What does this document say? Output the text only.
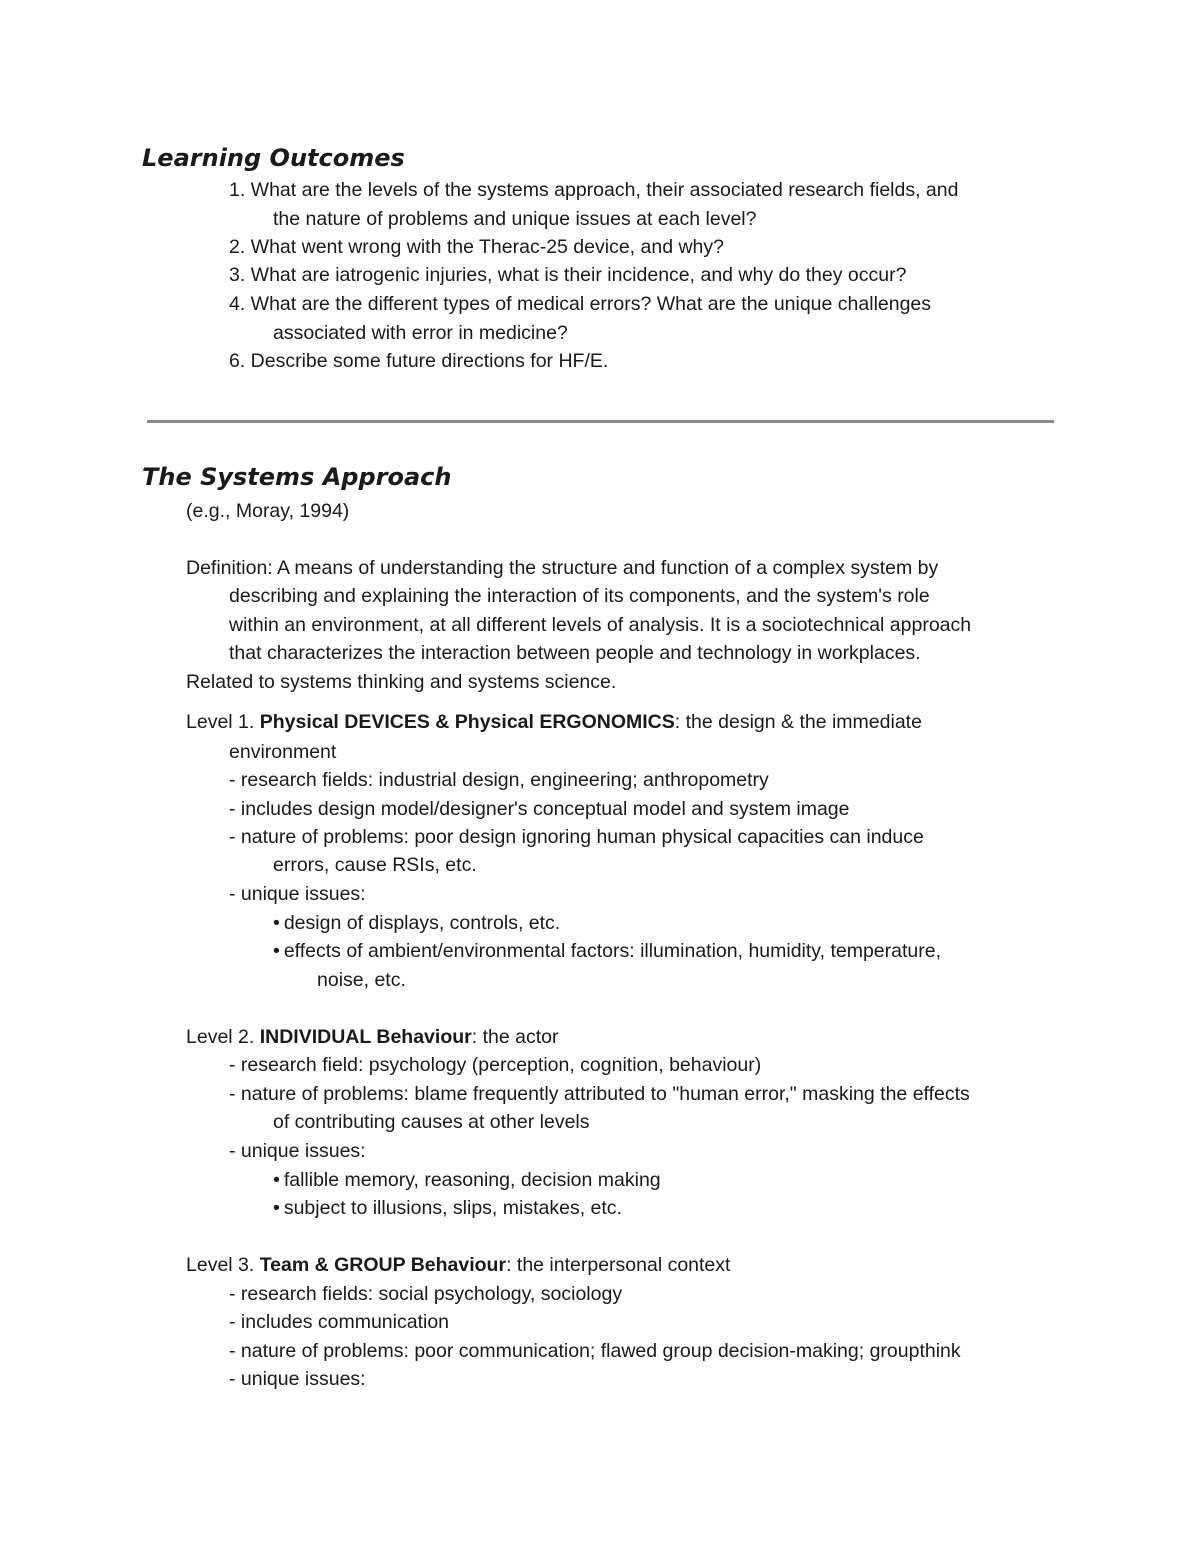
Learning Outcomes
1. What are the levels of the systems approach, their associated research fields, and
the nature of problems and unique issues at each level?
2. What went wrong with the Therac-25 device, and why?
3. What are iatrogenic injuries, what is their incidence, and why do they occur?
4. What are the different types of medical errors? What are the unique challenges
associated with error in medicine?
6. Describe some future directions for HF/E.
The Systems Approach
(e.g., Moray, 1994)
Definition: A means of understanding the structure and function of a complex system by
describing and explaining the interaction of its components, and the system's role
within an environment, at all different levels of analysis. It is a sociotechnical approach
that characterizes the interaction between people and technology in workplaces.
Related to systems thinking and systems science.
Level 1. Physical DEVICES & Physical ERGONOMICS: the design & the immediate
environment
- research fields: industrial design, engineering; anthropometry
- includes design model/designer's conceptual model and system image
- nature of problems: poor design ignoring human physical capacities can induce
errors, cause RSIs, etc.
- unique issues:
• design of displays, controls, etc.
• effects of ambient/environmental factors: illumination, humidity, temperature,
noise, etc.
Level 2. INDIVIDUAL Behaviour: the actor
- research field: psychology (perception, cognition, behaviour)
- nature of problems: blame frequently attributed to "human error," masking the effects
of contributing causes at other levels
- unique issues:
• fallible memory, reasoning, decision making
• subject to illusions, slips, mistakes, etc.
Level 3. Team & GROUP Behaviour: the interpersonal context
- research fields: social psychology, sociology
- includes communication
- nature of problems: poor communication; flawed group decision-making; groupthink
- unique issues:
